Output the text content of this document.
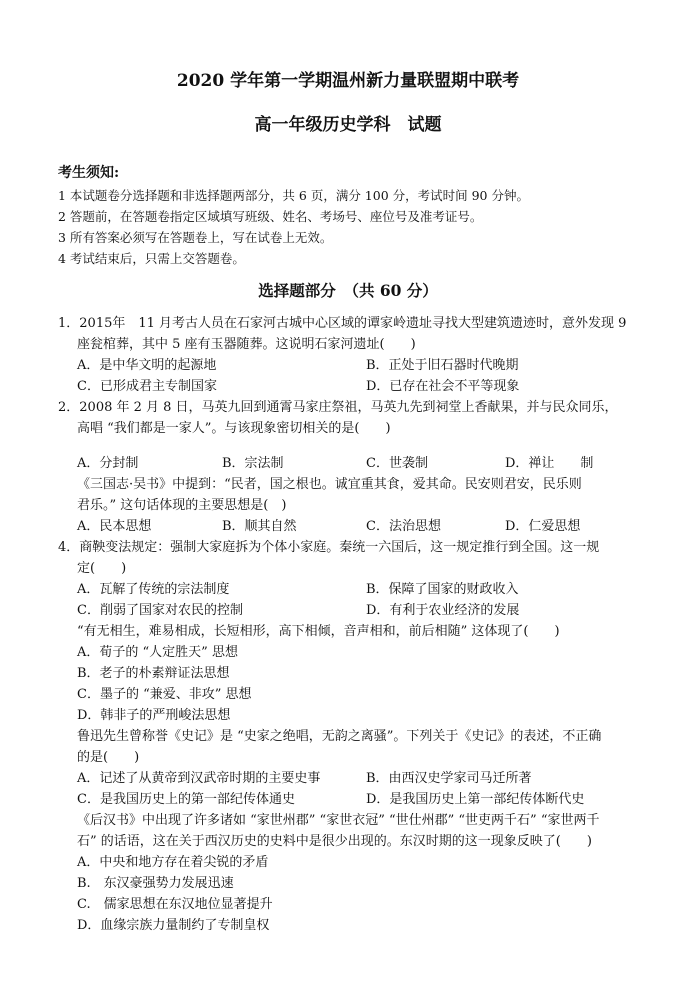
2020 学年第一学期温州新力量联盟期中联考
高一年级历史学科　试题
考生须知:
1 本试题卷分选择题和非选择题两部分，共 6 页，满分 100 分，考试时间 90 分钟。
2 答题前，在答题卷指定区域填写班级、姓名、考场号、座位号及准考证号。
3 所有答案必须写在答题卷上，写在试卷上无效。
4 考试结束后，只需上交答题卷。
选择题部分　（共 60 分）
1．2015年　11 月考古人员在石家河古城中心区域的谭家岭遗址寻找大型建筑遗迹时，意外发现 9
座瓮棺葬，其中 5 座有玉器随葬。这说明石家河遗址(　　)
A．是中华文明的起源地	B．正处于旧石器时代晚期
C．已形成君主专制国家	D．已存在社会不平等现象
2．2008 年 2 月 8 日，马英九回到通霄马家庄祭祖，马英九先到祠堂上香献果，并与民众同乐，
高唱 “我们都是一家人”。与该现象密切相关的是(　　)
A．分封制	B．宗法制	C．世袭制	D．禅让　　制
《三国志·吴书》中提到：“民者，国之根也。诚宜重其食，爱其命。民安则君安，民乐则
君乐。” 这句话体现的主要思想是(　)
A．民本思想	B．顺其自然	C．法治思想	D．仁爱思想
4．商鞅变法规定：强制大家庭拆为个体小家庭。秦统一六国后，这一规定推行到全国。这一规
定(　　)
A．瓦解了传统的宗法制度	B．保障了国家的财政收入
C．削弱了国家对农民的控制	D．有利于农业经济的发展
“有无相生，难易相成，长短相形，高下相倾，音声相和，前后相随” 这体现了(　　)
A．荀子的 “人定胜天” 思想
B．老子的朴素辩证法思想
C．墨子的 “兼爱、非攻” 思想
D．韩非子的严刑峻法思想
鲁迅先生曾称誉《史记》是 “史家之绝唱，无韵之离骚”。下列关于《史记》的表述，不正确
的是(　　)
A．记述了从黄帝到汉武帝时期的主要史事	B．由西汉史学家司马迁所著
C．是我国历史上的第一部纪传体通史	D．是我国历史上第一部纪传体断代史
《后汉书》中出现了许多诸如 “家世州郡” “家世衣冠” “世仕州郡” “世吏两千石” “家世两千
石” 的话语，这在关于西汉历史的史料中是很少出现的。东汉时期的这一现象反映了(　　)
A．中央和地方存在着尖锐的矛盾
B.　东汉豪强势力发展迅速
C.　儒家思想在东汉地位显著提升
D．血缘宗族力量制约了专制皇权
